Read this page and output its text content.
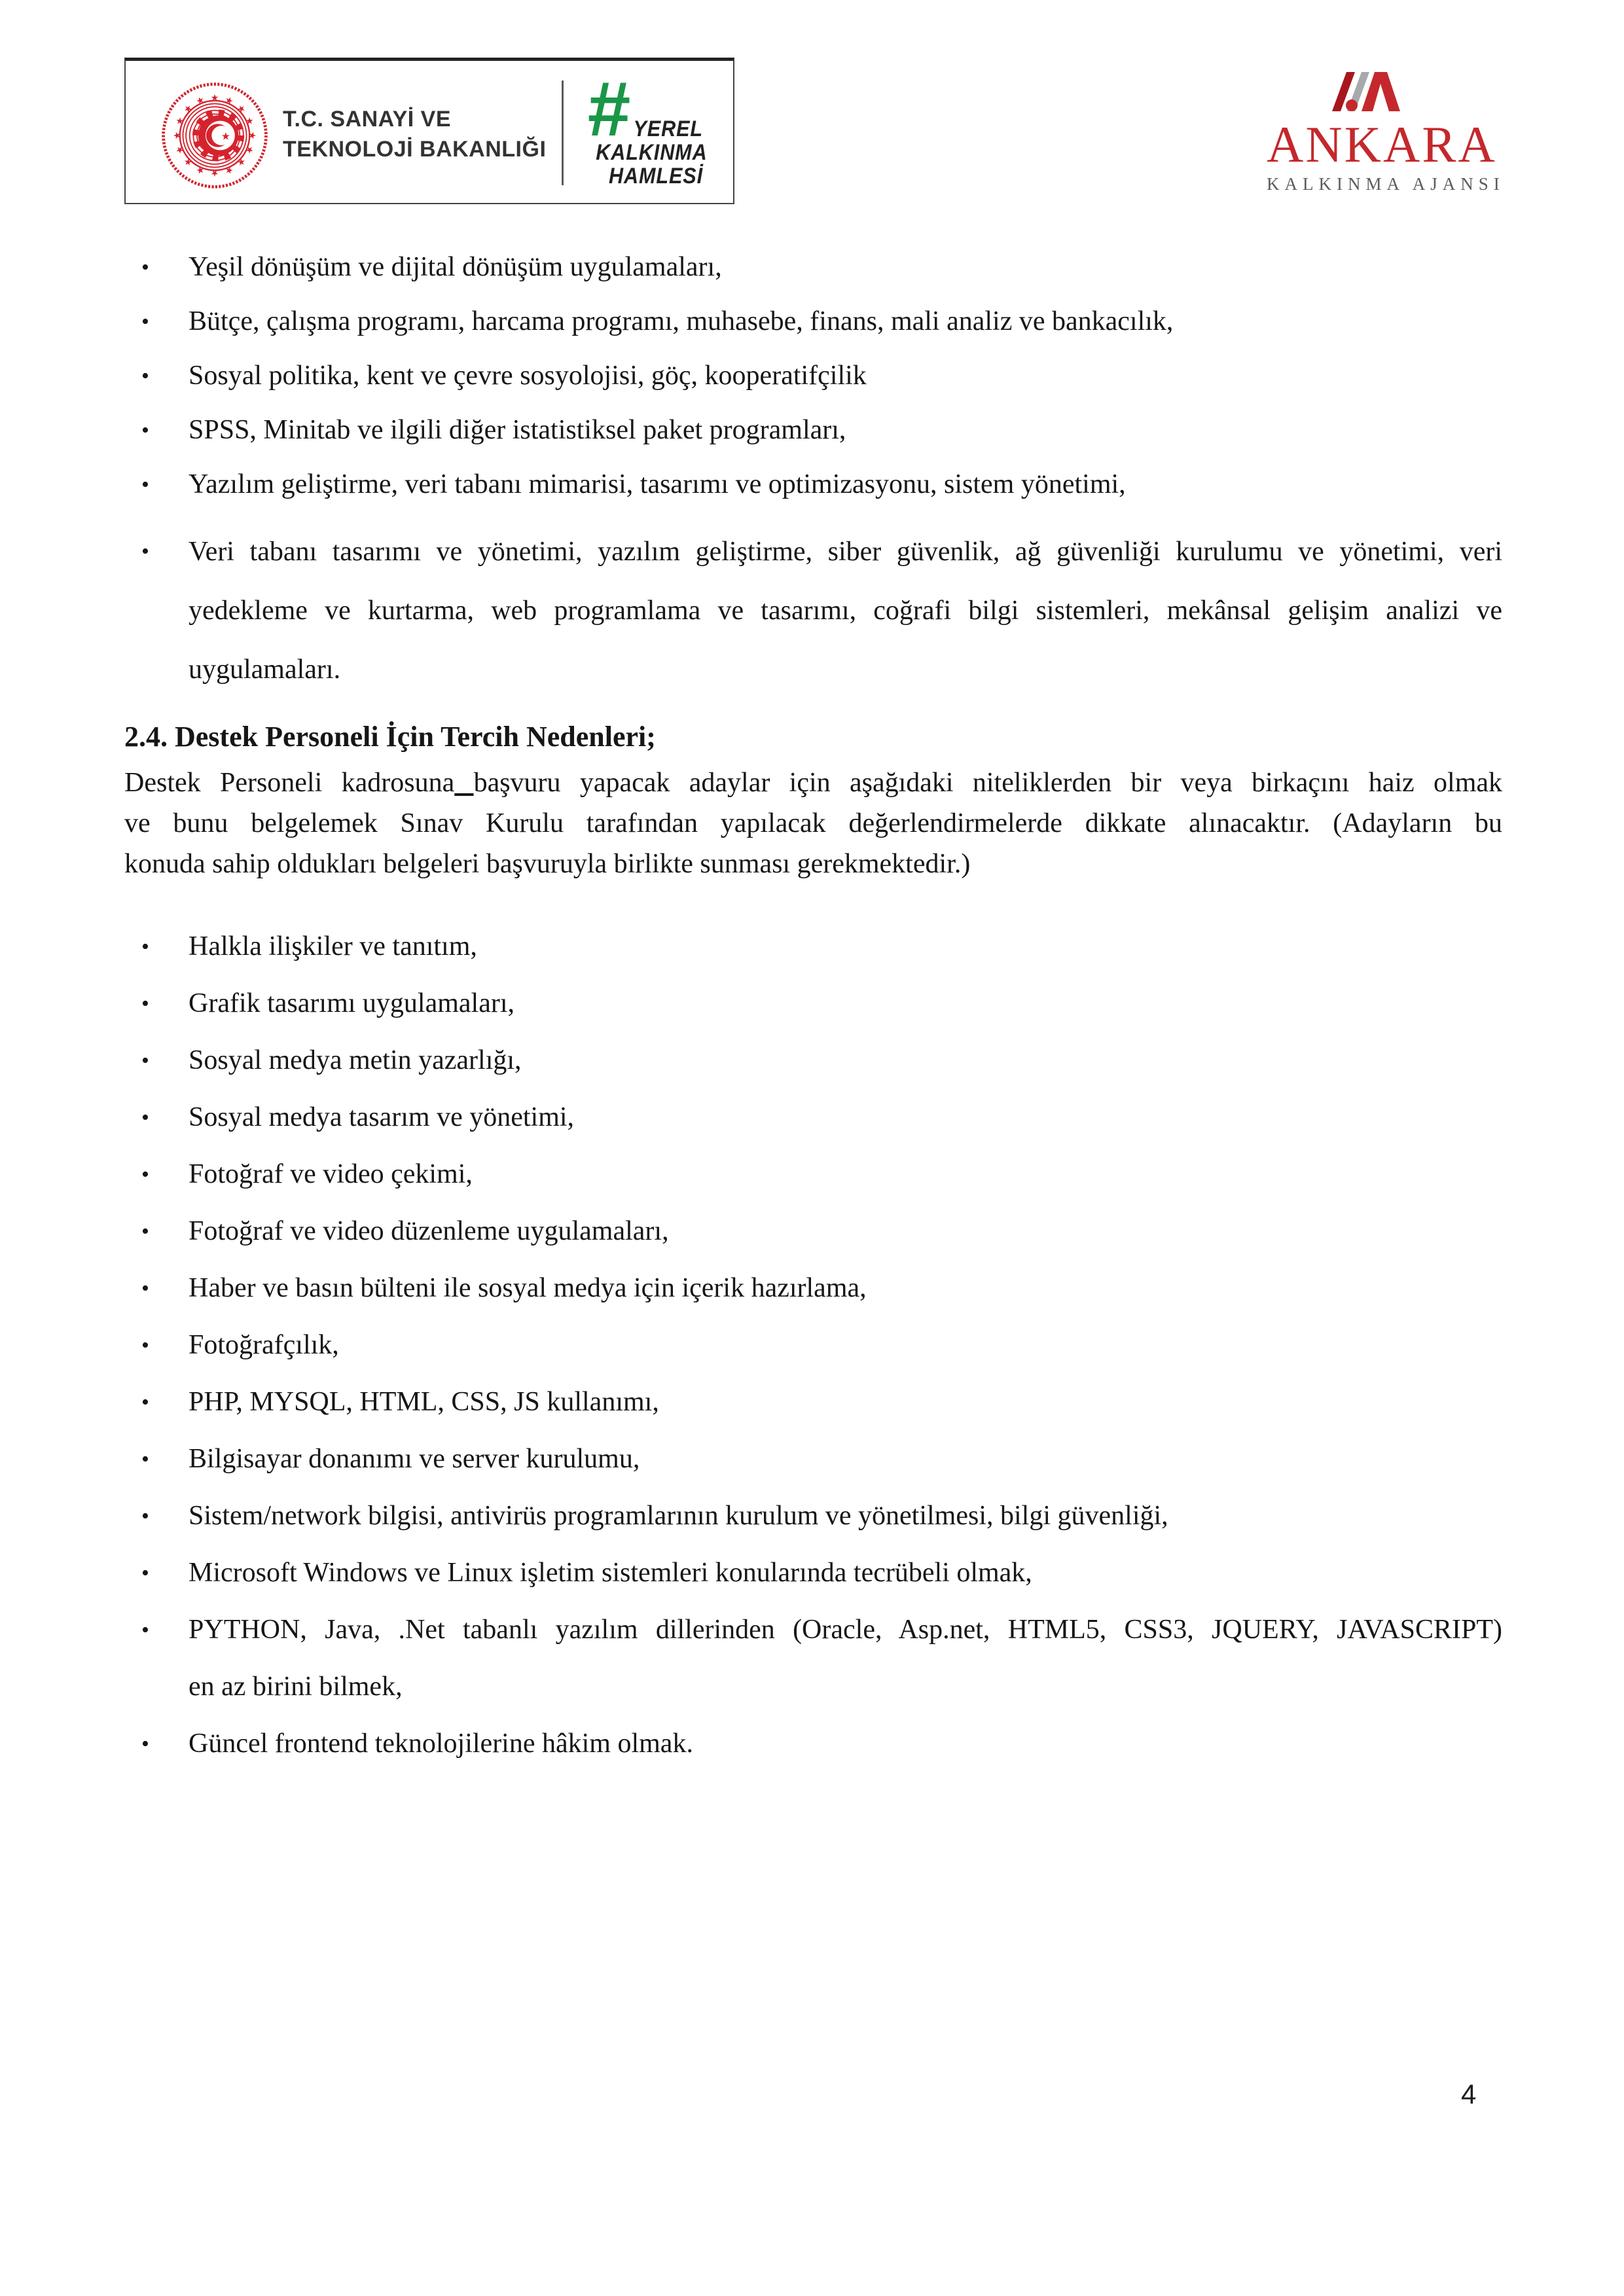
★ ★
★
★
★
★
★
★
★
★
★
★
★
★
★
★
★
T.C. SANAYİ VE
TEKNOLOJİ BAKANLIĞI # YEREL
KALKINMA
HAMLESİ
ANKARA
KALKINMA AJANSI
• Yeşil dönüşüm ve dijital dönüşüm uygulamaları,
• Bütçe, çalışma programı, harcama programı, muhasebe, finans, mali analiz ve bankacılık,
• Sosyal politika, kent ve çevre sosyolojisi, göç, kooperatifçilik
• SPSS, Minitab ve ilgili diğer istatistiksel paket programları,
• Yazılım geliştirme, veri tabanı mimarisi, tasarımı ve optimizasyonu, sistem yönetimi,
• Veri tabanı tasarımı ve yönetimi, yazılım geliştirme, siber güvenlik, ağ güvenliği kurulumu ve yönetimi, veri
yedekleme ve kurtarma, web programlama ve tasarımı, coğrafi bilgi sistemleri, mekânsal gelişim analizi ve
uygulamaları.
2.4. Destek Personeli İçin Tercih Nedenleri;

Destek Personeli kadrosuna başvuru yapacak adaylar için aşağıdaki niteliklerden bir veya birkaçını haiz olmak
ve bunu belgelemek Sınav Kurulu tarafından yapılacak değerlendirmelerde dikkate alınacaktır. (Adayların bu
konuda sahip oldukları belgeleri başvuruyla birlikte sunması gerekmektedir.)

• Halkla ilişkiler ve tanıtım,
• Grafik tasarımı uygulamaları,
• Sosyal medya metin yazarlığı,
• Sosyal medya tasarım ve yönetimi,
• Fotoğraf ve video çekimi,
• Fotoğraf ve video düzenleme uygulamaları,
• Haber ve basın bülteni ile sosyal medya için içerik hazırlama,
• Fotoğrafçılık,
• PHP, MYSQL, HTML, CSS, JS kullanımı,
• Bilgisayar donanımı ve server kurulumu,
• Sistem/network bilgisi, antivirüs programlarının kurulum ve yönetilmesi, bilgi güvenliği,
• Microsoft Windows ve Linux işletim sistemleri konularında tecrübeli olmak,
• PYTHON, Java, .Net tabanlı yazılım dillerinden (Oracle, Asp.net, HTML5, CSS3, JQUERY, JAVASCRIPT)
en az birini bilmek,
• Güncel frontend teknolojilerine hâkim olmak.
4
